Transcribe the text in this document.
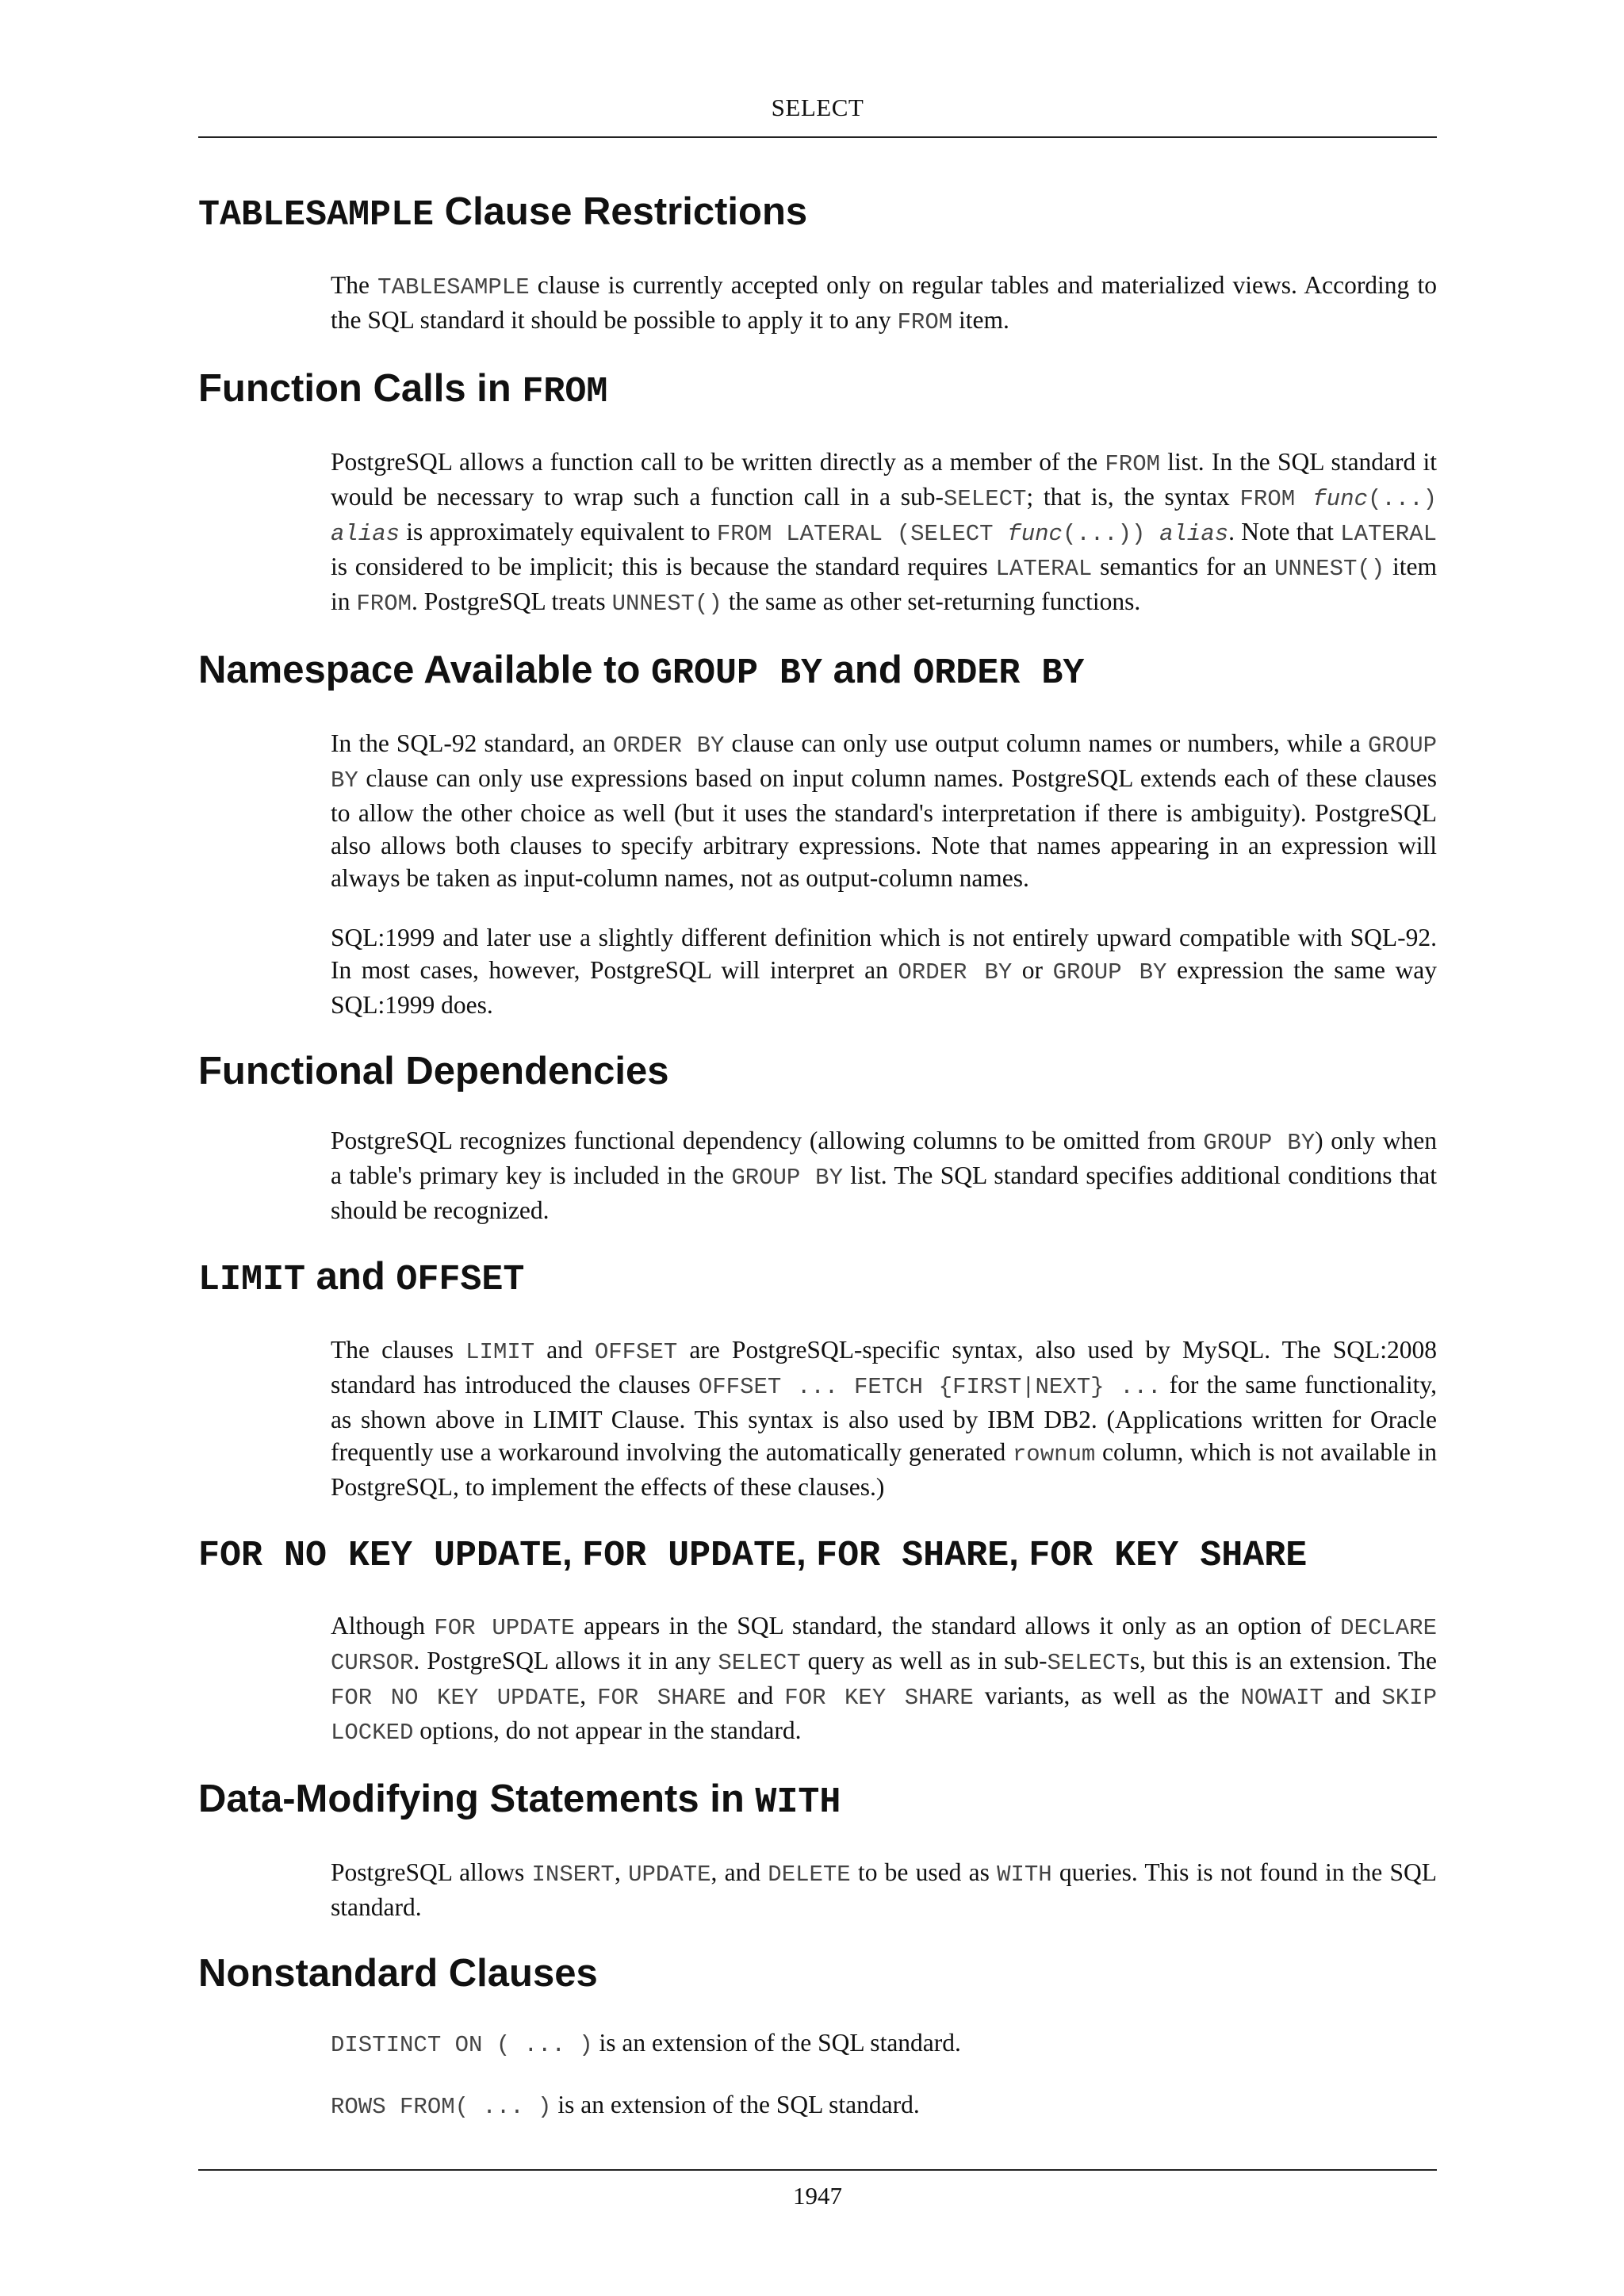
SELECT
TABLESAMPLE Clause Restrictions

The TABLESAMPLE clause is currently accepted only on regular tables and materialized views. According to the SQL standard it should be possible to apply it to any FROM item.

Function Calls in FROM

PostgreSQL allows a function call to be written directly as a member of the FROM list. In the SQL standard it would be necessary to wrap such a function call in a sub-SELECT; that is, the syntax FROM func(...) alias is approximately equivalent to FROM LATERAL (SELECT func(...)) alias. Note that LATERAL is considered to be implicit; this is because the standard requires LATERAL semantics for an UNNEST() item in FROM. PostgreSQL treats UNNEST() the same as other set-returning functions.

Namespace Available to GROUP BY and ORDER BY

In the SQL-92 standard, an ORDER BY clause can only use output column names or numbers, while a GROUP BY clause can only use expressions based on input column names. PostgreSQL extends each of these clauses to allow the other choice as well (but it uses the standard's interpretation if there is ambiguity). PostgreSQL also allows both clauses to specify arbitrary expressions. Note that names appearing in an expression will always be taken as input-column names, not as output-column names.

SQL:1999 and later use a slightly different definition which is not entirely upward compatible with SQL-92. In most cases, however, PostgreSQL will interpret an ORDER BY or GROUP BY expression the same way SQL:1999 does.

Functional Dependencies

PostgreSQL recognizes functional dependency (allowing columns to be omitted from GROUP BY) only when a table's primary key is included in the GROUP BY list. The SQL standard specifies additional conditions that should be recognized.

LIMIT and OFFSET

The clauses LIMIT and OFFSET are PostgreSQL-specific syntax, also used by MySQL. The SQL:2008 standard has introduced the clauses OFFSET ... FETCH {FIRST|NEXT} ... for the same functionality, as shown above in LIMIT Clause. This syntax is also used by IBM DB2. (Applications written for Oracle frequently use a workaround involving the automatically generated rownum column, which is not available in PostgreSQL, to implement the effects of these clauses.)

FOR NO KEY UPDATE, FOR UPDATE, FOR SHARE, FOR KEY SHARE

Although FOR UPDATE appears in the SQL standard, the standard allows it only as an option of DECLARE CURSOR. PostgreSQL allows it in any SELECT query as well as in sub-SELECTs, but this is an extension. The FOR NO KEY UPDATE, FOR SHARE and FOR KEY SHARE variants, as well as the NOWAIT and SKIP LOCKED options, do not appear in the standard.

Data-Modifying Statements in WITH

PostgreSQL allows INSERT, UPDATE, and DELETE to be used as WITH queries. This is not found in the SQL standard.

Nonstandard Clauses

DISTINCT ON ( ... ) is an extension of the SQL standard.

ROWS FROM( ... ) is an extension of the SQL standard.

1947
